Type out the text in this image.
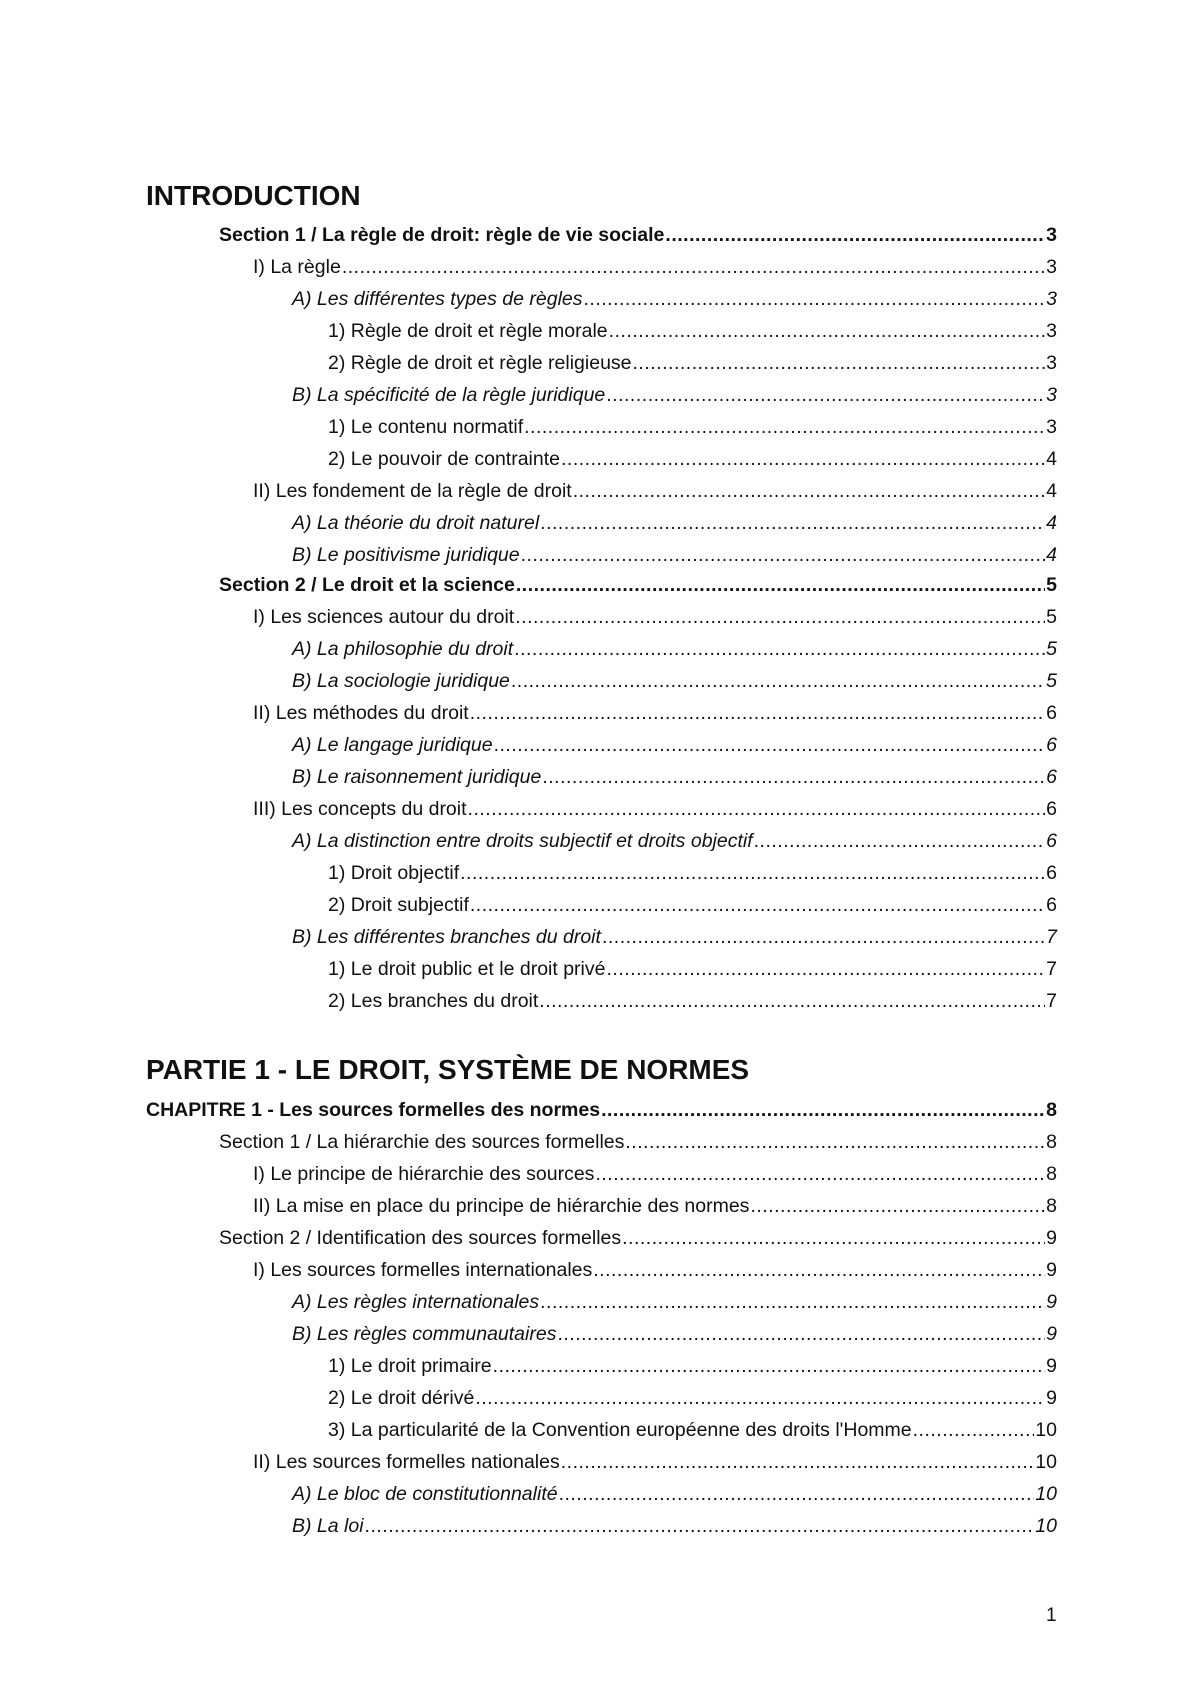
INTRODUCTION
Section 1 / La règle de droit: règle de vie sociale .....	3
I) La règle .....	3
A) Les différentes types de règles .....	3
1) Règle de droit et règle morale .....	3
2) Règle de droit et règle religieuse .....	3
B) La spécificité de la règle juridique .....	3
1) Le contenu normatif .....	3
2) Le pouvoir de contrainte .....	4
II) Les fondement de la règle de droit .....	4
A) La théorie du droit naturel .....	4
B) Le positivisme juridique .....	4
Section 2 / Le droit et la science .....	5
I) Les sciences autour du droit .....	5
A) La philosophie du droit .....	5
B) La sociologie juridique .....	5
II) Les méthodes du droit .....	6
A) Le langage juridique .....	6
B) Le raisonnement juridique .....	6
III) Les concepts du droit .....	6
A) La distinction entre droits subjectif et droits objectif .....	6
1) Droit objectif .....	6
2) Droit subjectif .....	6
B) Les différentes branches du droit .....	7
1) Le droit public et le droit privé .....	7
2) Les branches du droit .....	7
PARTIE 1 - LE DROIT, SYSTÈME DE NORMES
CHAPITRE 1 - Les sources formelles des normes .....	8
Section 1 / La hiérarchie des sources formelles .....	8
I) Le principe de hiérarchie des sources .....	8
II) La mise en place du principe de hiérarchie des normes .....	8
Section 2 / Identification des sources formelles .....	9
I) Les sources formelles internationales .....	9
A) Les règles internationales .....	9
B) Les règles communautaires .....	9
1) Le droit primaire .....	9
2) Le droit dérivé .....	9
3) La particularité de la Convention européenne des droits l'Homme .....	10
II) Les sources formelles nationales .....	10
A) Le bloc de constitutionnalité .....	10
B) La loi .....	10
1
